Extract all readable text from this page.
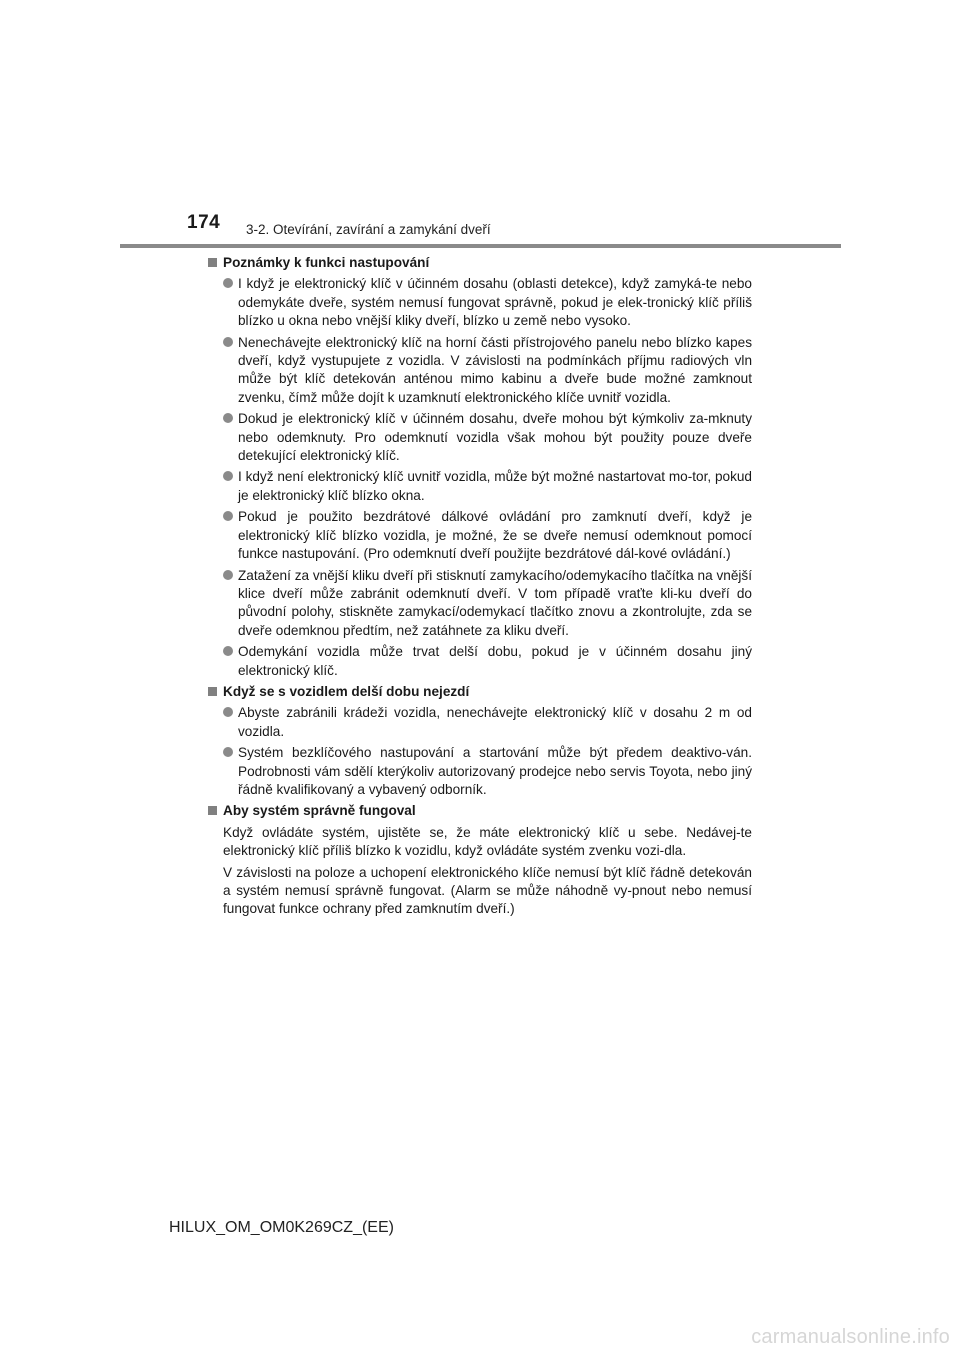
174 3-2. Otevírání, zavírání a zamykání dveří
Poznámky k funkci nastupování
I když je elektronický klíč v účinném dosahu (oblasti detekce), když zamyká-te nebo odemykáte dveře, systém nemusí fungovat správně, pokud je elek-tronický klíč příliš blízko u okna nebo vnější kliky dveří, blízko u země nebo vysoko.
Nenechávejte elektronický klíč na horní části přístrojového panelu nebo blízko kapes dveří, když vystupujete z vozidla. V závislosti na podmínkách příjmu radiových vln může být klíč detekován anténou mimo kabinu a dveře bude možné zamknout zvenku, čímž může dojít k uzamknutí elektronického klíče uvnitř vozidla.
Dokud je elektronický klíč v účinném dosahu, dveře mohou být kýmkoliv za-mknuty nebo odemknuty. Pro odemknutí vozidla však mohou být použity pouze dveře detekující elektronický klíč.
I když není elektronický klíč uvnitř vozidla, může být možné nastartovat mo-tor, pokud je elektronický klíč blízko okna.
Pokud je použito bezdrátové dálkové ovládání pro zamknutí dveří, když je elektronický klíč blízko vozidla, je možné, že se dveře nemusí odemknout pomocí funkce nastupování. (Pro odemknutí dveří použijte bezdrátové dál-kové ovládání.)
Zatažení za vnější kliku dveří při stisknutí zamykacího/odemykacího tlačítka na vnější klice dveří může zabránit odemknutí dveří. V tom případě vraťte kli-ku dveří do původní polohy, stiskněte zamykací/odemykací tlačítko znovu a zkontrolujte, zda se dveře odemknou předtím, než zatáhnete za kliku dveří.
Odemykání vozidla může trvat delší dobu, pokud je v účinném dosahu jiný elektronický klíč.
Když se s vozidlem delší dobu nejezdí
Abyste zabránili krádeži vozidla, nenechávejte elektronický klíč v dosahu 2 m od vozidla.
Systém bezklíčového nastupování a startování může být předem deaktivo-ván. Podrobnosti vám sdělí kterýkoliv autorizovaný prodejce nebo servis Toyota, nebo jiný řádně kvalifikovaný a vybavený odborník.
Aby systém správně fungoval
Když ovládáte systém, ujistěte se, že máte elektronický klíč u sebe. Nedávej-te elektronický klíč příliš blízko k vozidlu, když ovládáte systém zvenku vozi-dla.
V závislosti na poloze a uchopení elektronického klíče nemusí být klíč řádně detekován a systém nemusí správně fungovat. (Alarm se může náhodně vy-pnout nebo nemusí fungovat funkce ochrany před zamknutím dveří.)
HILUX_OM_OM0K269CZ_(EE)
carmanualsonline.info
